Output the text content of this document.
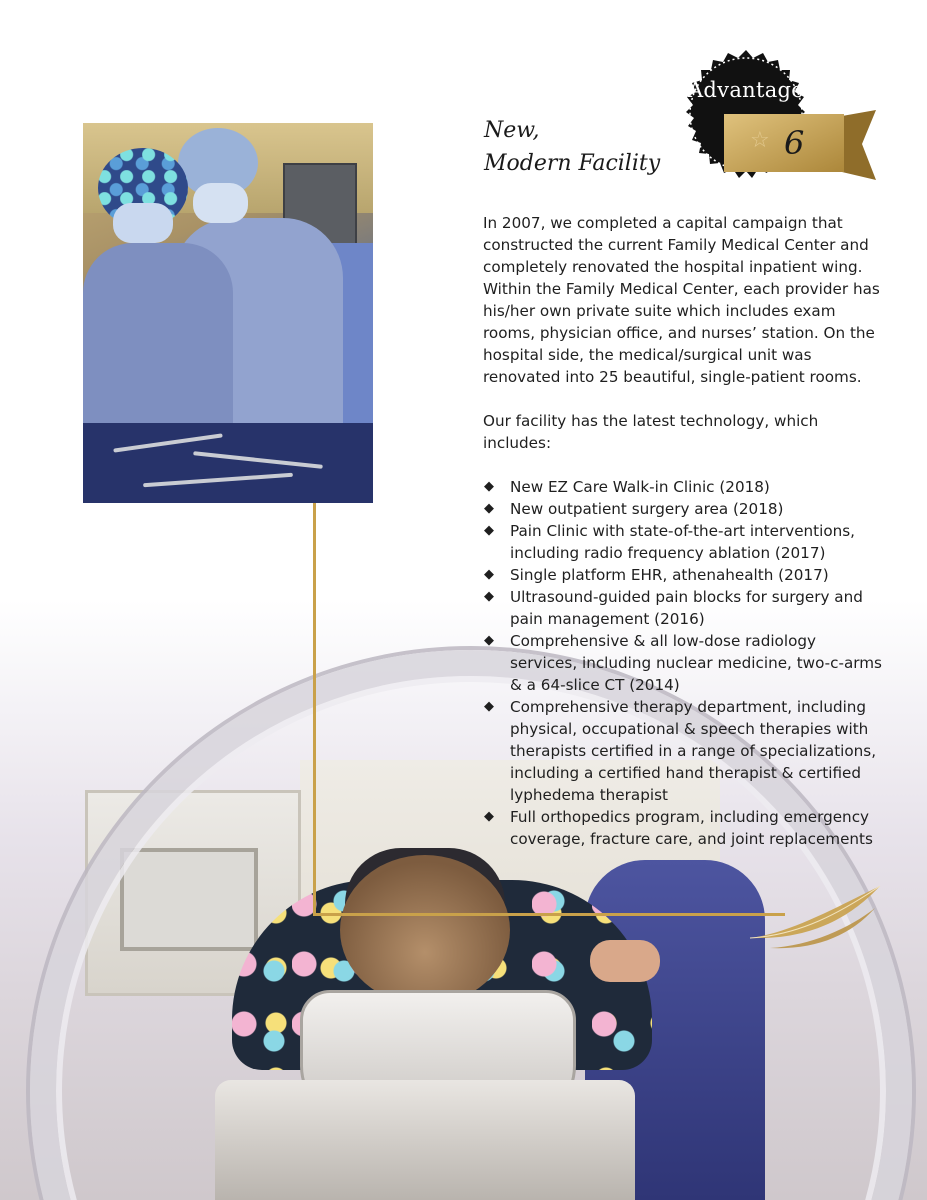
Advantage
☆ 6
New,
Modern Facility

In 2007, we completed a capital campaign that constructed the current Family Medical Center and completely renovated the hospital inpatient wing. Within the Family Medical Center, each provider has his/her own private suite which includes exam rooms, physician office, and nurses’ station. On the hospital side, the medical/surgical unit was renovated into 25 beautiful, single-patient rooms.

Our facility has the latest technology, which includes:

◆ New EZ Care Walk-in Clinic (2018)
◆ New outpatient surgery area (2018)
◆ Pain Clinic with state-of-the-art interventions, including radio frequency ablation (2017)
◆ Single platform EHR, athenahealth (2017)
◆ Ultrasound-guided pain blocks for surgery and pain management (2016)
◆ Comprehensive & all low-dose radiology services, including nuclear medicine, two-c-arms & a 64-slice CT (2014)
◆ Comprehensive therapy department, including physical, occupational & speech therapies with therapists certified in a range of specializations, including a certified hand therapist & certified lyphedema therapist
◆ Full orthopedics program, including emergency coverage, fracture care, and joint replacements
